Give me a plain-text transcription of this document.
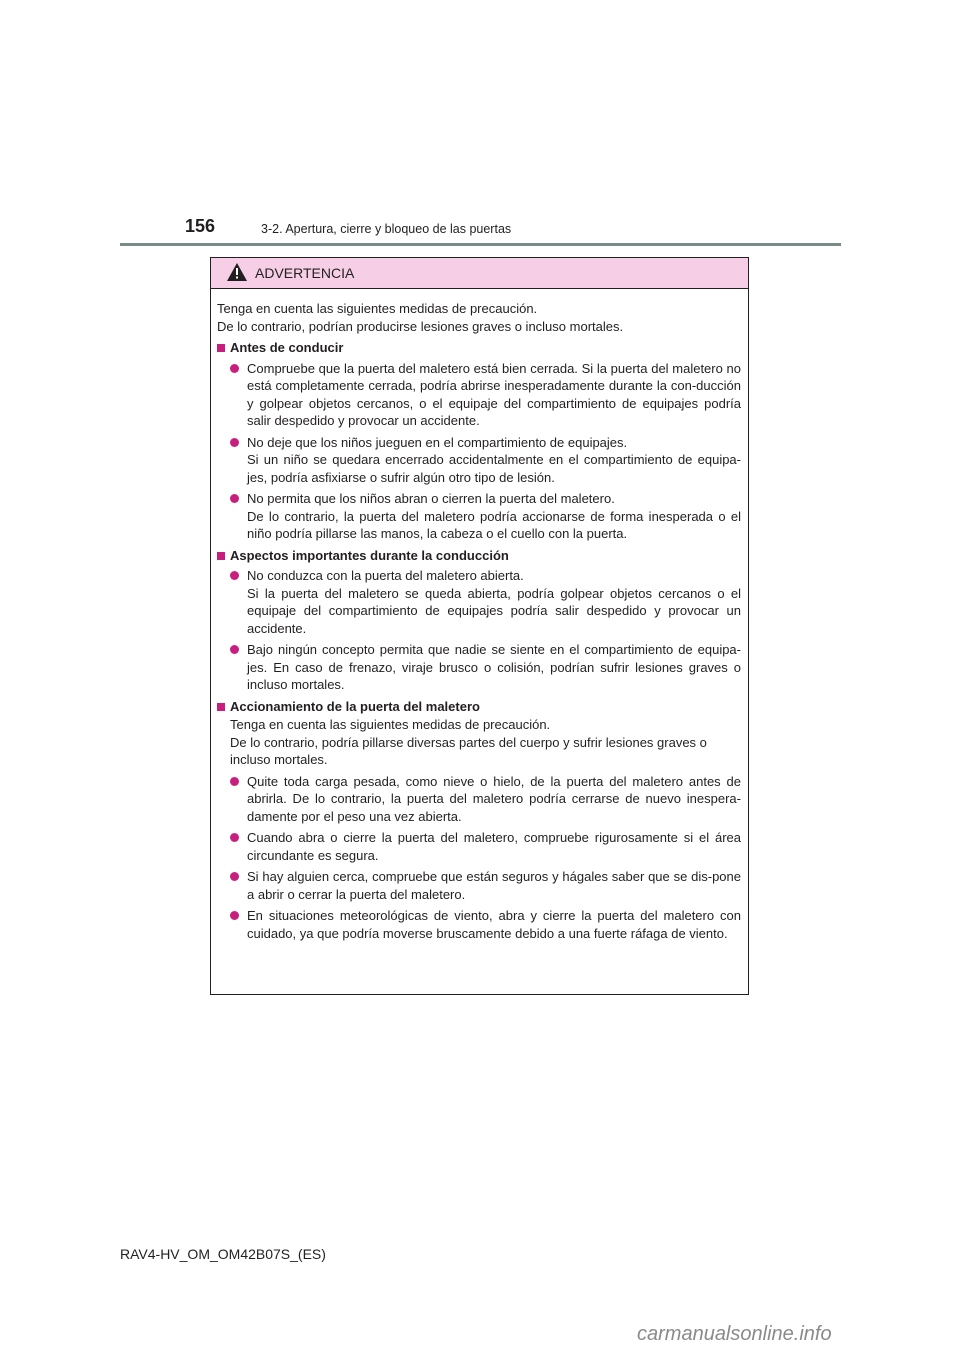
156	3-2. Apertura, cierre y bloqueo de las puertas
ADVERTENCIA

Tenga en cuenta las siguientes medidas de precaución.

De lo contrario, podrían producirse lesiones graves o incluso mortales.

Antes de conducir

Compruebe que la puerta del maletero está bien cerrada. Si la puerta del maletero no está completamente cerrada, podría abrirse inesperadamente durante la con-ducción y golpear objetos cercanos, o el equipaje del compartimiento de equipajes podría salir despedido y provocar un accidente.

No deje que los niños jueguen en el compartimiento de equipajes.

Si un niño se quedara encerrado accidentalmente en el compartimiento de equipa-jes, podría asfixiarse o sufrir algún otro tipo de lesión.

No permita que los niños abran o cierren la puerta del maletero.

De lo contrario, la puerta del maletero podría accionarse de forma inesperada o el niño podría pillarse las manos, la cabeza o el cuello con la puerta.

Aspectos importantes durante la conducción

No conduzca con la puerta del maletero abierta.

Si la puerta del maletero se queda abierta, podría golpear objetos cercanos o el equipaje del compartimiento de equipajes podría salir despedido y provocar un accidente.

Bajo ningún concepto permita que nadie se siente en el compartimiento de equipa-jes. En caso de frenazo, viraje brusco o colisión, podrían sufrir lesiones graves o incluso mortales.

Accionamiento de la puerta del maletero

Tenga en cuenta las siguientes medidas de precaución.

De lo contrario, podría pillarse diversas partes del cuerpo y sufrir lesiones graves o incluso mortales.

Quite toda carga pesada, como nieve o hielo, de la puerta del maletero antes de abrirla. De lo contrario, la puerta del maletero podría cerrarse de nuevo inespera-damente por el peso una vez abierta.

Cuando abra o cierre la puerta del maletero, compruebe rigurosamente si el área circundante es segura.

Si hay alguien cerca, compruebe que están seguros y hágales saber que se dis-pone a abrir o cerrar la puerta del maletero.

En situaciones meteorológicas de viento, abra y cierre la puerta del maletero con cuidado, ya que podría moverse bruscamente debido a una fuerte ráfaga de viento.

RAV4-HV_OM_OM42B07S_(ES)
carmanualsonline.info
